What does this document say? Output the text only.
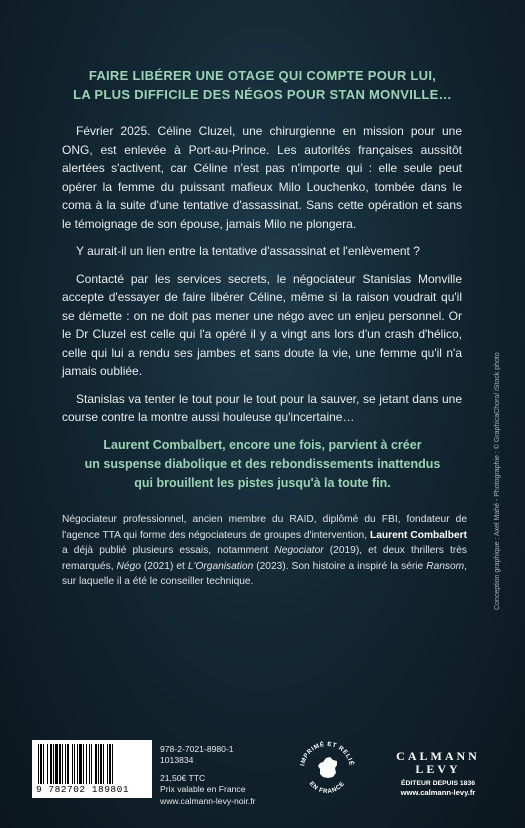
FAIRE LIBÉRER UNE OTAGE QUI COMPTE POUR LUI,
LA PLUS DIFFICILE DES NÉGOS POUR STAN MONVILLE…

Février 2025. Céline Cluzel, une chirurgienne en mission pour une ONG, est enlevée à Port-au-Prince. Les autorités françaises aussitôt alertées s'activent, car Céline n'est pas n'importe qui : elle seule peut opérer la femme du puissant mafieux Milo Louchenko, tombée dans le coma à la suite d'une tentative d'assassinat. Sans cette opération et sans le témoignage de son épouse, jamais Milo ne plongera.

Y aurait-il un lien entre la tentative d'assassinat et l'enlèvement ?

Contacté par les services secrets, le négociateur Stanislas Monville accepte d'essayer de faire libérer Céline, même si la raison voudrait qu'il se démette : on ne doit pas mener une négo avec un enjeu personnel. Or le Dr Cluzel est celle qui l'a opéré il y a vingt ans lors d'un crash d'hélico, celle qui lui a rendu ses jambes et sans doute la vie, une femme qu'il n'a jamais oubliée.

Stanislas va tenter le tout pour le tout pour la sauver, se jetant dans une course contre la montre aussi houleuse qu'incertaine…

Laurent Combalbert, encore une fois, parvient à créer
un suspense diabolique et des rebondissements inattendus
qui brouillent les pistes jusqu'à la toute fin.
Négociateur professionnel, ancien membre du RAID, diplômé du FBI, fondateur de l'agence TTA qui forme des négociateurs de groupes d'intervention, Laurent Combalbert a déjà publié plusieurs essais, notamment Negociator (2019), et deux thrillers très remarqués, Négo (2021) et L'Organisation (2023). Son histoire a inspiré la série Ransom, sur laquelle il a été le conseiller technique.	Conception graphique : Axel Mahé - Photographie : © GraphicaChoro/ iStock photo
9 782702 189801
978-2-7021-8980-1
1013834
21,50€ TTC
Prix valable en France
www.calmann-levy-noir.fr
IMPRIMÉ ET RELIÉ
EN FRANCE
CALMANN
LEVY
ÉDITEUR DEPUIS 1836
www.calmann-levy.fr
